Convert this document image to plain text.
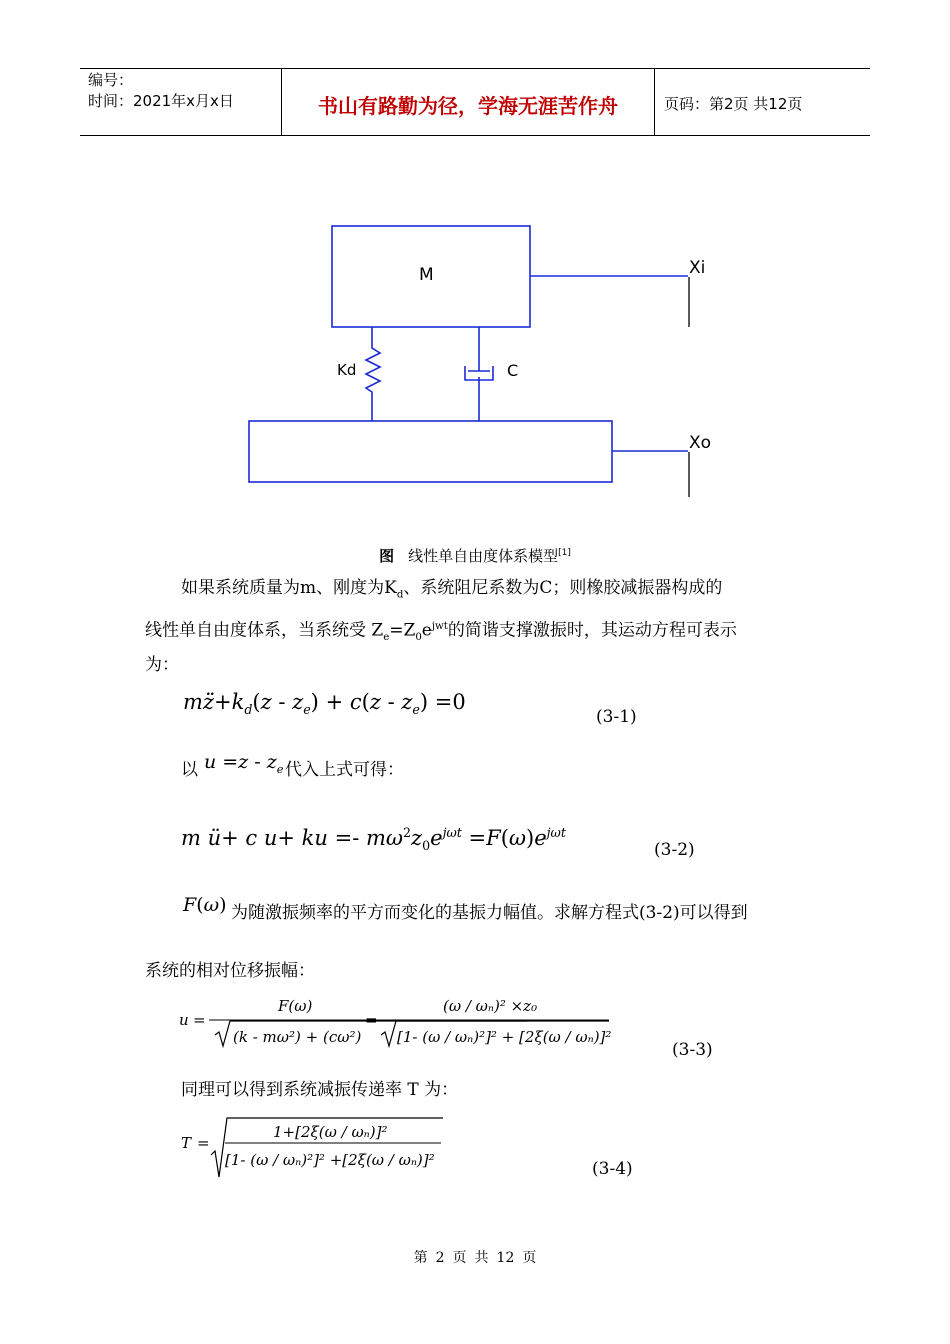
编号：
时间：2021年x月x日	书山有路勤为径，学海无涯苦作舟	页码：第2页 共12页
M
Kd	C
Xi
Xo
图 线性单自由度体系模型[1]
如果系统质量为m、刚度为$K_d$、系统阻尼系数为C；则橡胶减振器构成的
线性单自由度体系，当系统受 $Z_e=Z_0e^{jwt}$的简谐支撑激振时，其运动方程可表示
为：
$mz̈+k_d(z - z_e) + c(z - z_e) =0$
(3-1)
以 $u =z - z_e$ 代入上式可得：
m ü+ c u+ ku =- $m\omega^2z_0e^{j\omega t} =F(\omega)e^{j\omega t}$
(3-2)
F(ω) 为随激振频率的平方而变化的基振力幅值。求解方程式(3-2)可以得到
系统的相对位移振幅：
u =
F(ω)
(k - mω²) + (cω²)
=
(ω / ωₙ)² ×z₀
[1- (ω / ωₙ)²]² + [2ξ(ω / ωₙ)]²
(3-3)
同理可以得到系统减振传递率 T 为：
T =
1+[2ξ(ω / ωₙ)]²
[1- (ω / ωₙ)²]² +[2ξ(ω / ωₙ)]²	(3-4)
第 2 页 共 12 页
